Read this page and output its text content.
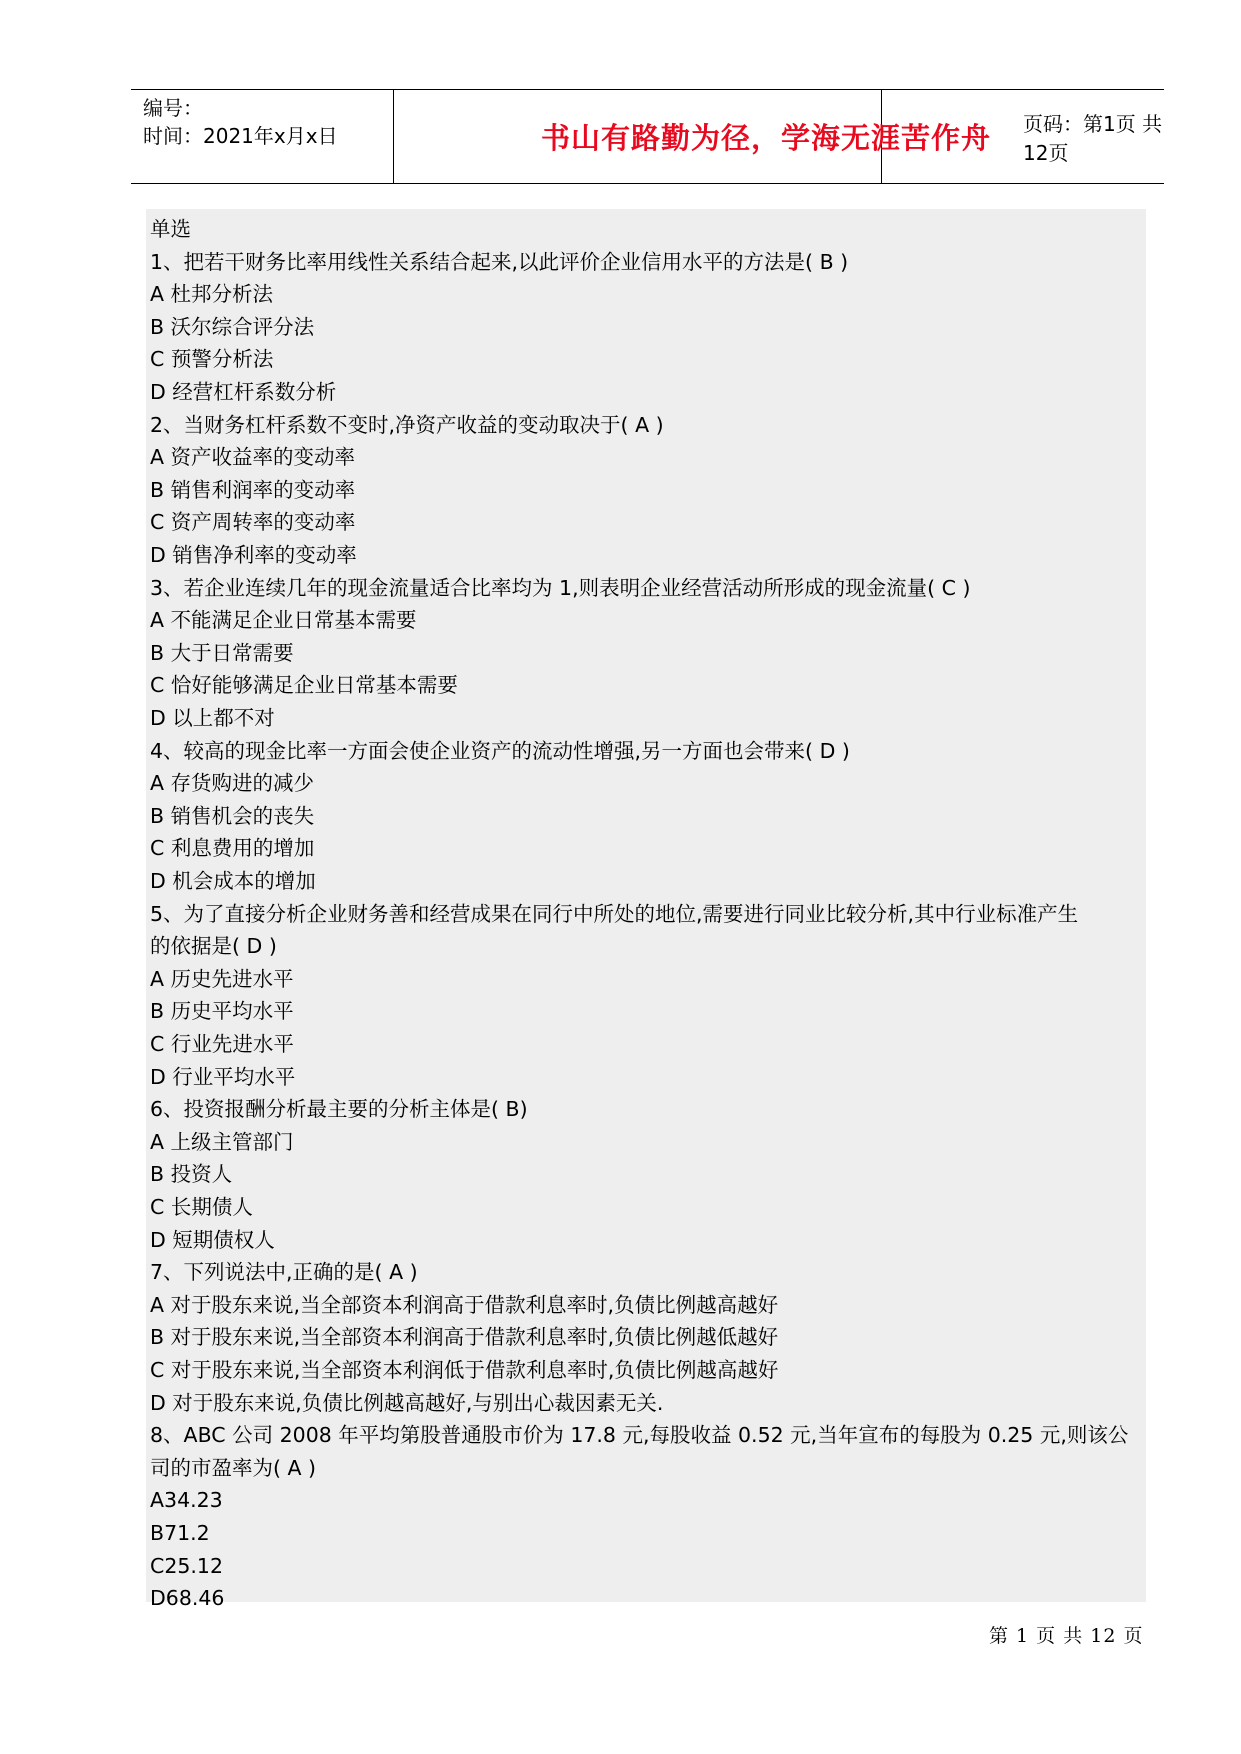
编号：
时间：2021年x月x日	书山有路勤为径，学海无涯苦作舟	页码：第1页 共12页
单选
1、把若干财务比率用线性关系结合起来,以此评价企业信用水平的方法是( B )
A 杜邦分析法
B 沃尔综合评分法
C 预警分析法
D 经营杠杆系数分析
2、当财务杠杆系数不变时,净资产收益的变动取决于( A )
A 资产收益率的变动率
B 销售利润率的变动率
C 资产周转率的变动率
D 销售净利率的变动率
3、若企业连续几年的现金流量适合比率均为 1,则表明企业经营活动所形成的现金流量( C )
A 不能满足企业日常基本需要
B 大于日常需要
C 恰好能够满足企业日常基本需要
D 以上都不对
4、较高的现金比率一方面会使企业资产的流动性增强,另一方面也会带来( D )
A 存货购进的减少
B 销售机会的丧失
C 利息费用的增加
D 机会成本的增加
5、为了直接分析企业财务善和经营成果在同行中所处的地位,需要进行同业比较分析,其中行业标准产生
的依据是( D )
A 历史先进水平
B 历史平均水平
C 行业先进水平
D 行业平均水平
6、投资报酬分析最主要的分析主体是( B)
A 上级主管部门
B 投资人
C 长期债人
D 短期债权人
7、下列说法中,正确的是( A )
A 对于股东来说,当全部资本利润高于借款利息率时,负债比例越高越好
B 对于股东来说,当全部资本利润高于借款利息率时,负债比例越低越好
C 对于股东来说,当全部资本利润低于借款利息率时,负债比例越高越好
D 对于股东来说,负债比例越高越好,与别出心裁因素无关.
8、ABC 公司 2008 年平均第股普通股市价为 17.8 元,每股收益 0.52 元,当年宣布的每股为 0.25 元,则该公
司的市盈率为( A )
A34.23
B71.2
C25.12
D68.46
第 1 页 共 12 页
